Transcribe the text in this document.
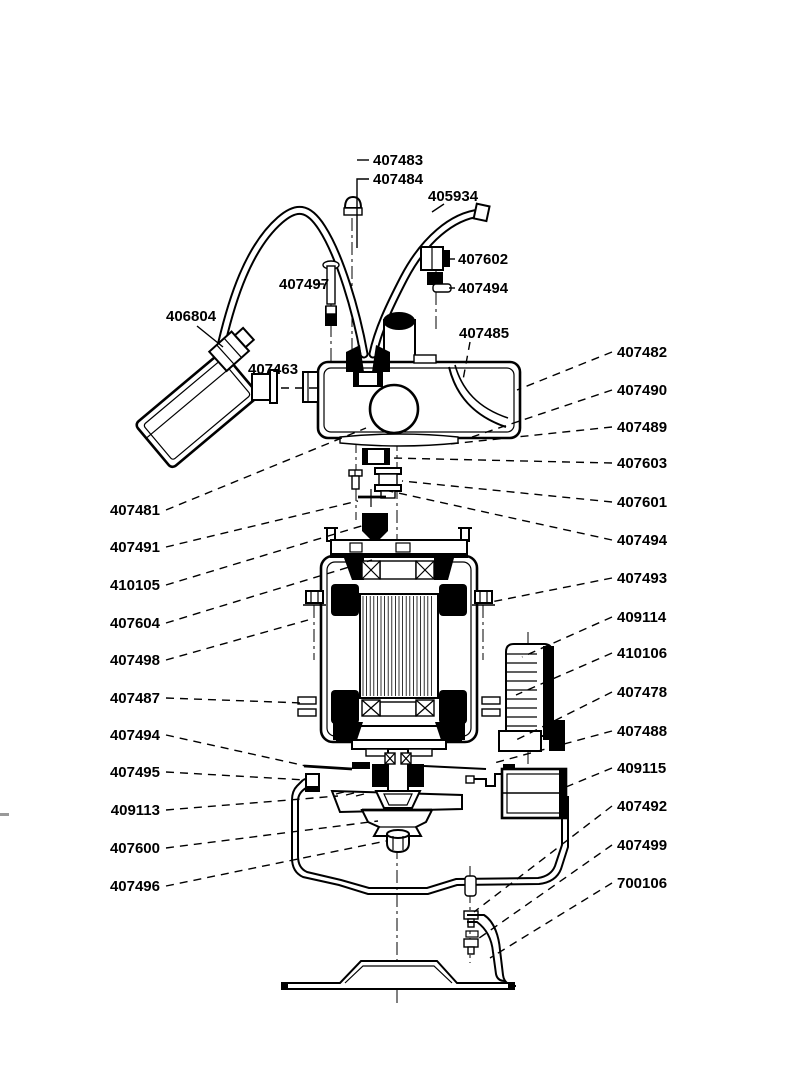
407483
407484
405934
407602
407494
407497
406804
407463
407485
407482
407490
407489
407603
407601
407494
407493
409114
410106
407478
407488
409115
407492
407499
700106
407481
407491
410105
407604
407498
407487
407494
407495
409113
407600
407496
